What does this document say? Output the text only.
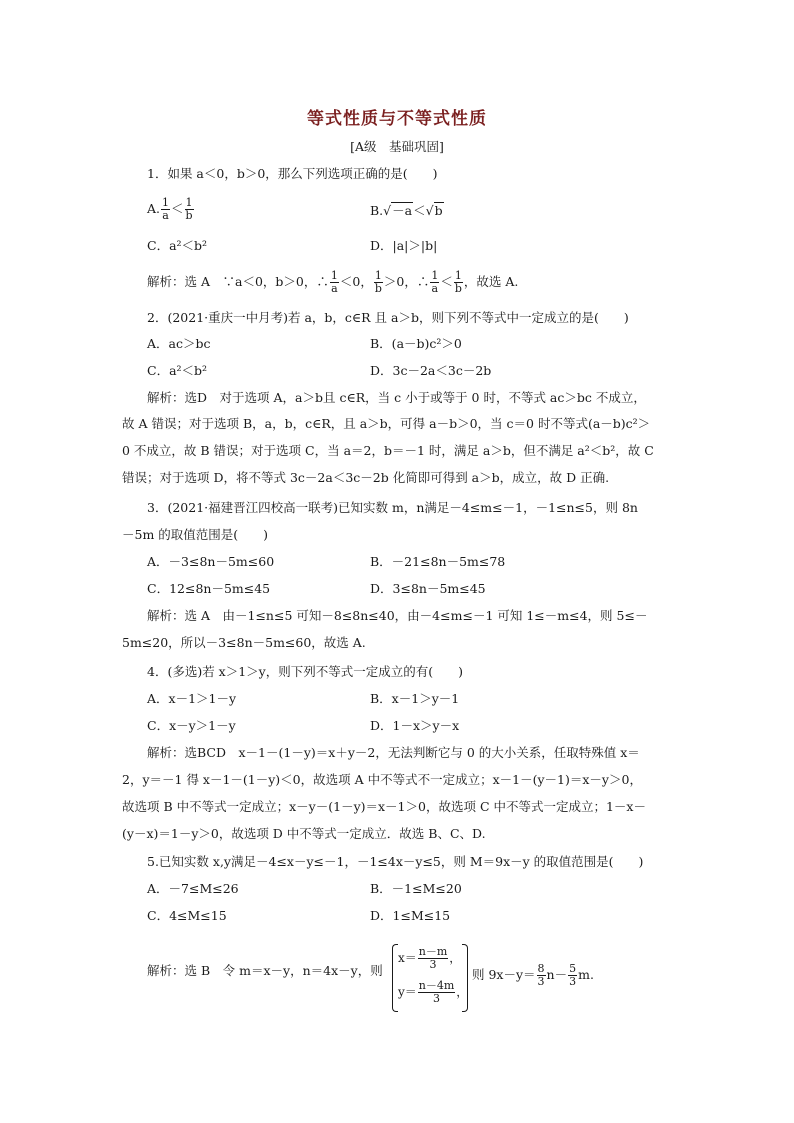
等式性质与不等式性质
[A级　基础巩固]
1．如果 a＜0，b＞0，那么下列选项正确的是(　　)
A. $\frac{1}{a} < \frac{1}{b}$	B.√－a＜√b
C．a²＜b²	D．|a|＞|b|
解析：选 A　∵a＜0，b＞0，∴ $\frac{1}{a} <0$， $\frac{1}{b} >0$，∴ $\frac{1}{a} < \frac{1}{b}$ ，故选 A.
2．(2021·重庆一中月考)若 a，b，c∈R 且 a＞b，则下列不等式中一定成立的是(　　)
A．ac＞bc	B．(a－b)c²＞0
C．a²＜b²	D．3c－2a＜3c－2b
解析：选D　对于选项 A，a＞b且 c∈R，当 c 小于或等于 0 时，不等式 ac＞bc 不成立，
故 A 错误；对于选项 B，a，b，c∈R，且 a＞b，可得 a－b＞0，当 c＝0 时不等式(a－b)c²＞
0 不成立，故 B 错误；对于选项 C，当 a＝2，b＝－1 时，满足 a＞b，但不满足 a²＜b²，故 C
错误；对于选项 D，将不等式 3c－2a＜3c－2b 化简即可得到 a＞b，成立，故 D 正确.
3．(2021·福建晋江四校高一联考)已知实数 m，n满足－4≤m≤－1，－1≤n≤5，则 8n
－5m 的取值范围是(　　)
A．－3≤8n－5m≤60	B．－21≤8n－5m≤78
C．12≤8n－5m≤45	D．3≤8n－5m≤45
解析：选 A　由－1≤n≤5 可知－8≤8n≤40，由－4≤m≤－1 可知 1≤－m≤4，则 5≤－
5m≤20，所以－3≤8n－5m≤60，故选 A.
4．(多选)若 x＞1＞y，则下列不等式一定成立的有(　　)
A．x－1＞1－y	B．x－1＞y－1
C．x－y＞1－y	D．1－x＞y－x
解析：选BCD　x－1－(1－y)＝x＋y－2，无法判断它与 0 的大小关系，任取特殊值 x＝
2，y＝－1 得 x－1－(1－y)＜0，故选项 A 中不等式不一定成立；x－1－(y－1)＝x－y＞0，
故选项 B 中不等式一定成立；x－y－(1－y)＝x－1＞0，故选项 C 中不等式一定成立；1－x－
(y－x)＝1－y＞0，故选项 D 中不等式一定成立．故选 B、C、D.
5.已知实数 x,y满足－4≤x－y≤－1，－1≤4x－y≤5，则 M＝9x－y 的取值范围是(　　)
A．－7≤M≤26	B．－1≤M≤20
C．4≤M≤15	D．1≤M≤15
解析：选 B　令 m＝x－y，n＝4x－y，则
$x= \frac{n-m}{3}$ ，
$y= \frac{n-4m}{3}$ ，
则 $9x-y= \frac{8}{3} n- \frac{5}{3} m$.
